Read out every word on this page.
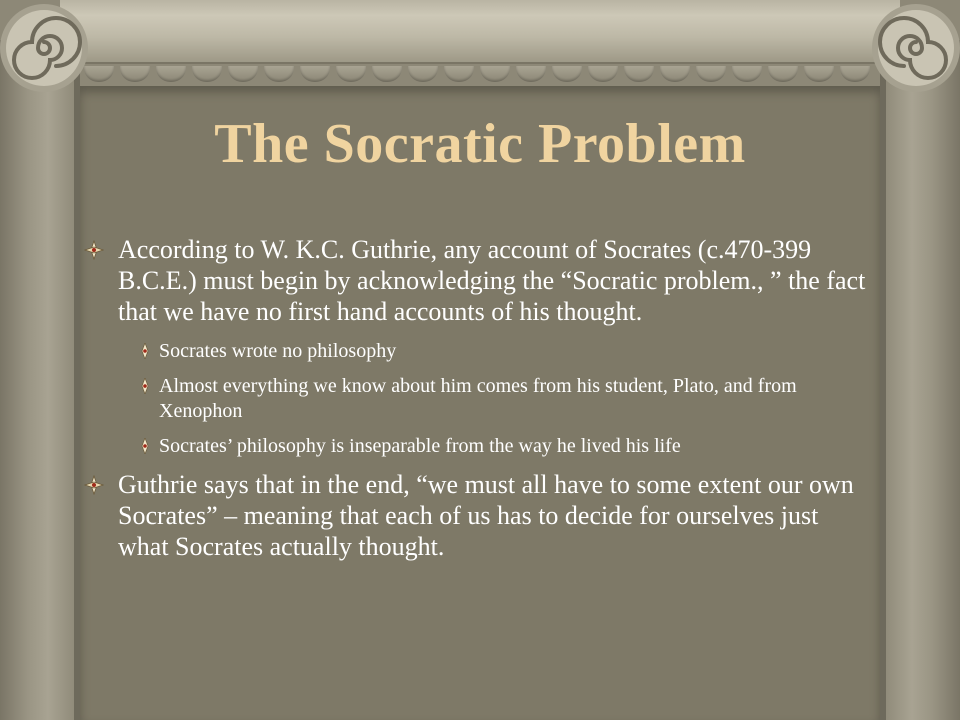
The Socratic Problem
According to W. K.C. Guthrie, any account of Socrates (c.470-399 B.C.E.) must begin by acknowledging the “Socratic problem., ” the fact that we have no first hand accounts of his thought.
Socrates wrote no philosophy
Almost everything we know about him comes from his student, Plato, and from Xenophon
Socrates’ philosophy is inseparable from the way he lived his life
Guthrie says that in the end, “we must all have to some extent our own Socrates” – meaning that each of us has to decide for ourselves just what Socrates actually thought.
